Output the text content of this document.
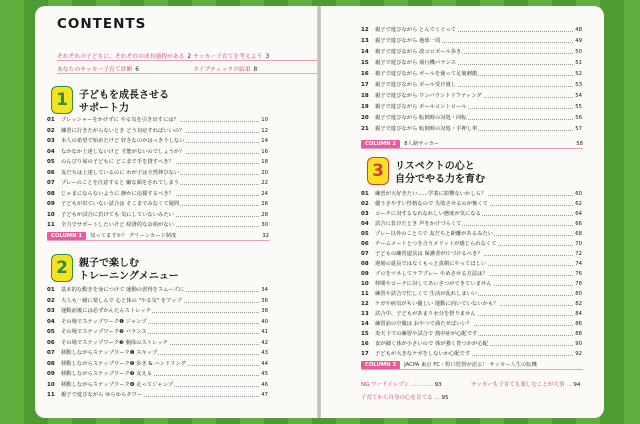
CONTENTS
それぞれの子どもに、それぞれの成長過程がある 2 サッカー子育てを考えよう 3
あなたのサッカー子育て診断 6	タイプチェックの結果 8
1	子どもを成長させる
サポート力
01	プレッシャーをかけずに やる気を引き出すには？	10
02	練習に行きたがらないとき どう対応すればいいの？	12
03	本人の希望で始めたけど 好きなのかはっきりしない	14
04	なかなか上達しないけど 才能がないのでしょうか？	16
05	のんびり屋の子どもに どこまで手を貸すべき？	18
06	友だちは上達しているのに わが子は全然伸びない	20
07	プレーのことを注意すると 嫌な顔をされてしまう	22
08	じゃまにならないように 静かに応援するべき？	24
09	子どもが出ていない試合は そこまでみなくて疑問	26
10	子どもが試合に負けても 気にしていないみたい	28
11	全力でサポートしたいけど 経済的な余裕がない	30
COLUMN 1 知ってますか？ グリーンカード制度	32
2	親子で楽しむ
トレーニングメニュー
01	基本的な動きを身につけて 運動の習得をスムーズに	34
02	大人も一緒に楽しんで 心と体の "やる気" をアップ	36
03	運動前後には必ずかんたんストレッチ	38
04	その場でステップワーク❶ ジャンプ	40
05	その場でステップワーク❷ バランス	41
06	その場でステップワーク❸ 胴体のストレッチ	42
07	移動しながらステップワーク❶ スキップ	43
08	移動しながらステップワーク❷ 歩き & ハンドリング	44
09	移動しながらステップワーク❸ 支える	45
10	移動しながらステップワーク❹ 走ってジャンプ	46
11	親子で遊びながら ゆらゆらタワー	47
12	親子で遊びながら とんでくぐって	48
13	親子で遊びながら 地球一周	49
14	親子で遊びながら 波コロボール歩き	50
15	親子で遊びながら 飛行機バランス	51
16	親子で遊びながら ボールを使って足裏刺激	52
17	親子で遊びながら ボール受け渡し	53
18	親子で遊びながら ワンバウンドリフティング	54
19	親子で遊びながら ボールコントロール	55
20	親子で遊びながら 転倒時の対処・回転	56
21	親子で遊びながら 転倒時の対処・手押し車	57
COLUMN 2 8人制サッカー	58
3	リスペクトの心と
自分でやる力を育む
01	練習が大好きたい……学業に影響ないかしら？	60
02	優うさやすい性格なので 失敗させるのが怖くて	62
03	コーチに対するなれなれしい態度が気になる	64
04	試合に負けたとき 声をかけづらくて	66
05	プレー以外のことろで 友だちと距離があるみたい	68
06	チームメートとつき合うメリットが感じられなくて	70
07	子どもの練習道具は 保護者が片づけるべき？	72
08	遅刻の延長ではなくもっと真剣にやってほしい	74
09	プロをマネしてラフプレー やめさせる方法は？	76
10	仲間やコーチに対してあいさつができていません	78
11	練習や試合で忙しくて 生活が乱れしまいい	80
12	ケガや病気がちい優しい 運動に向いていないかも？	82
13	試合中、子どもがあまり水分を摂りません	84
14	練習前の空腹は おやつで満たせばいい？	86
15	炎天下での練習や試合で 熱中症が心配です	88
16	食が細く体が小さいので 体が強く育つかが心配	90
17	子どもが大きなケガをしないか心配です	92
COLUMN 3 JACPA 東京 FC・野口監督が語る！ サッカー人生の転機
NG ワードイレブン ………… 93	サッカーも子育ても楽しむことが大事 … 94
子育てから自身の心を育てる … 95
